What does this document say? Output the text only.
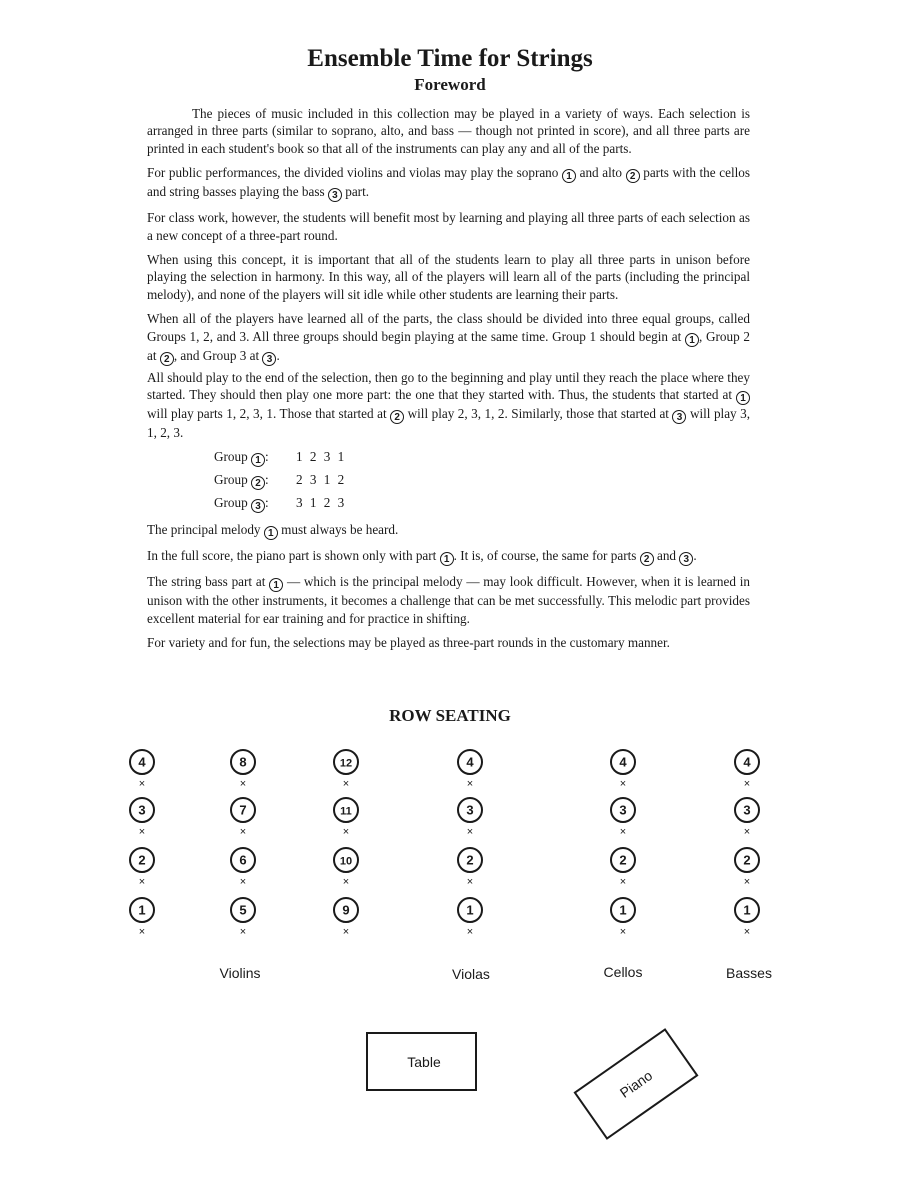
Ensemble Time for Strings
Foreword

The pieces of music included in this collection may be played in a variety of ways. Each selection is arranged in three parts (similar to soprano, alto, and bass — though not printed in score), and all three parts are printed in each student's book so that all of the instruments can play any and all of the parts.

For public performances, the divided violins and violas may play the soprano 1 and alto 2 parts with the cellos and string basses playing the bass 3 part.

For class work, however, the students will benefit most by learning and playing all three parts of each selection as a new concept of a three-part round.

When using this concept, it is important that all of the students learn to play all three parts in unison before playing the selection in harmony. In this way, all of the players will learn all of the parts (including the principal melody), and none of the players will sit idle while other students are learning their parts.

When all of the players have learned all of the parts, the class should be divided into three equal groups, called Groups 1, 2, and 3. All three groups should begin playing at the same time. Group 1 should begin at 1 , Group 2 at 2 , and Group 3 at 3 .

All should play to the end of the selection, then go to the beginning and play until they reach the place where they started. They should then play one more part: the one that they started with. Thus, the students that started at 1 will play parts 1, 2, 3, 1. Those that started at 2 will play 2, 3, 1, 2. Similarly, those that started at 3 will play 3, 1, 2, 3.

Group 1 : 1 2 3 1
Group 2 : 2 3 1 2
Group 3 : 3 1 2 3

The principal melody 1 must always be heard.

In the full score, the piano part is shown only with part 1 . It is, of course, the same for parts 2 and 3 .

The string bass part at 1 — which is the principal melody — may look difficult. However, when it is learned in unison with the other instruments, it becomes a challenge that can be met successfully. This melodic part provides excellent material for ear training and for practice in shifting.

For variety and for fun, the selections may be played as three-part rounds in the customary manner.

ROW SEATING
4
×
3
×
2
×
1
×
8
×
7
×
6
×
5
×
12
×
11
×
10
×
9
×
4
×
3
×
2
×
1
×
4
×
3
×
2
×
1
×
4
×
3
×
2
×
1
×
Violins	Violas	Cellos	Basses
Table
Piano
